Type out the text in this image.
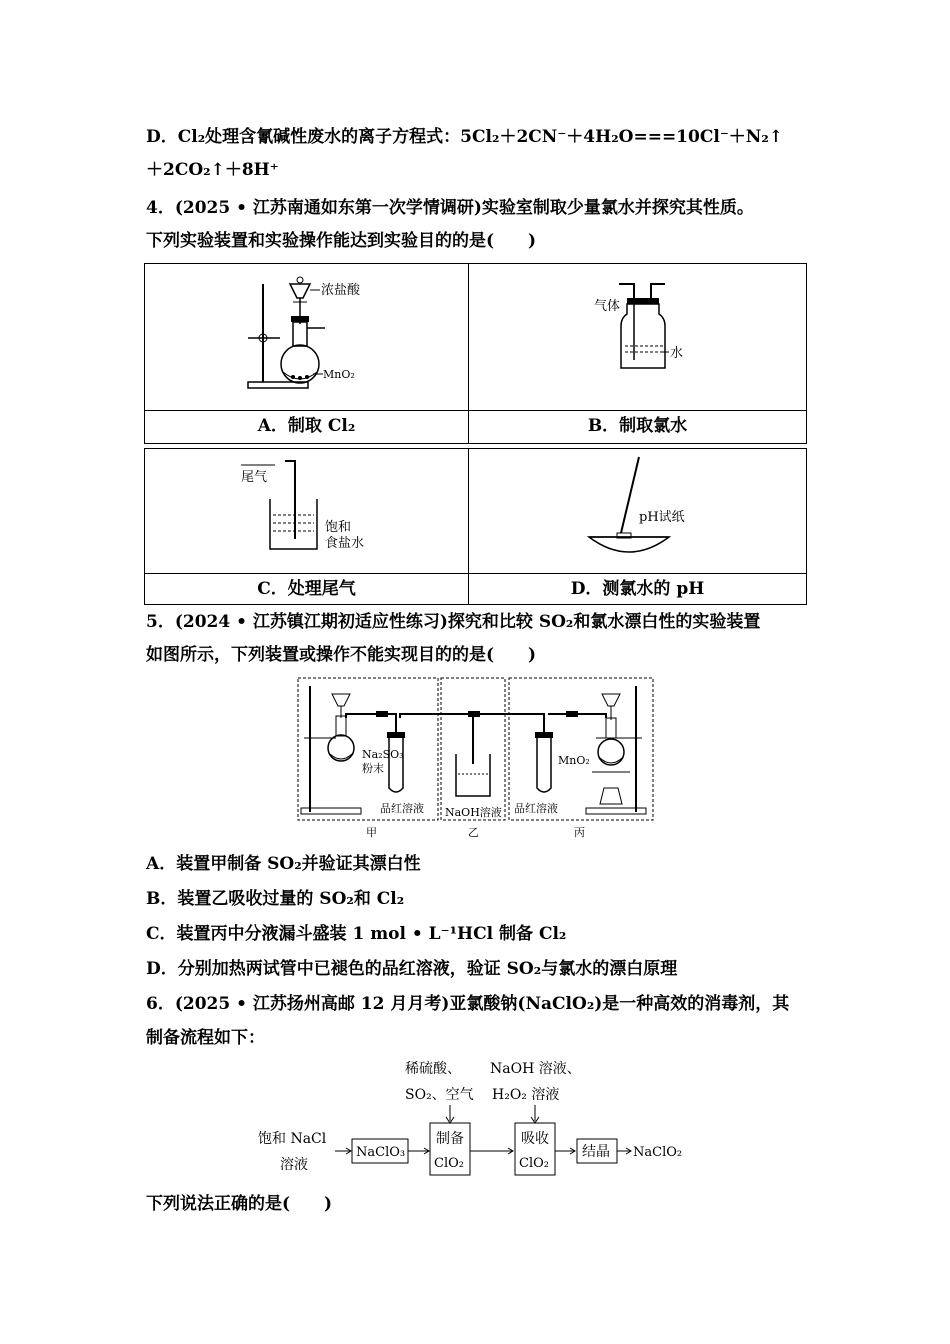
D．Cl₂处理含氰碱性废水的离子方程式：5Cl₂＋2CN⁻＋4H₂O===10Cl⁻＋N₂↑
＋2CO₂↑＋8H⁺
4．(2025 • 江苏南通如东第一次学情调研)实验室制取少量氯水并探究其性质。
下列实验装置和实验操作能达到实验目的的是(　　)
浓盐酸
MnO₂
气体
水
A．制取 Cl₂	B．制取氯水
尾气
饱和
食盐水
pH试纸
C．处理尾气	D．测氯水的 pH
5．(2024 • 江苏镇江期初适应性练习)探究和比较 SO₂和氯水漂白性的实验装置
如图所示，下列装置或操作不能实现目的的是(　　)
Na₂SO₃
粉末
品红溶液 NaOH溶液 品红溶液
MnO₂
甲	乙	丙
A．装置甲制备 SO₂并验证其漂白性
B．装置乙吸收过量的 SO₂和 Cl₂
C．装置丙中分液漏斗盛装 1 mol • L⁻¹HCl 制备 Cl₂
D．分别加热两试管中已褪色的品红溶液，验证 SO₂与氯水的漂白原理
6．(2025 • 江苏扬州高邮 12 月月考)亚氯酸钠(NaClO₂)是一种高效的消毒剂，其
制备流程如下：
稀硫酸、
SO₂、空气
NaOH 溶液、
H₂O₂ 溶液
饱和 NaCl
溶液
NaClO₃
制备
ClO₂
吸收
ClO₂
结晶 NaClO₂
下列说法正确的是(　　)
